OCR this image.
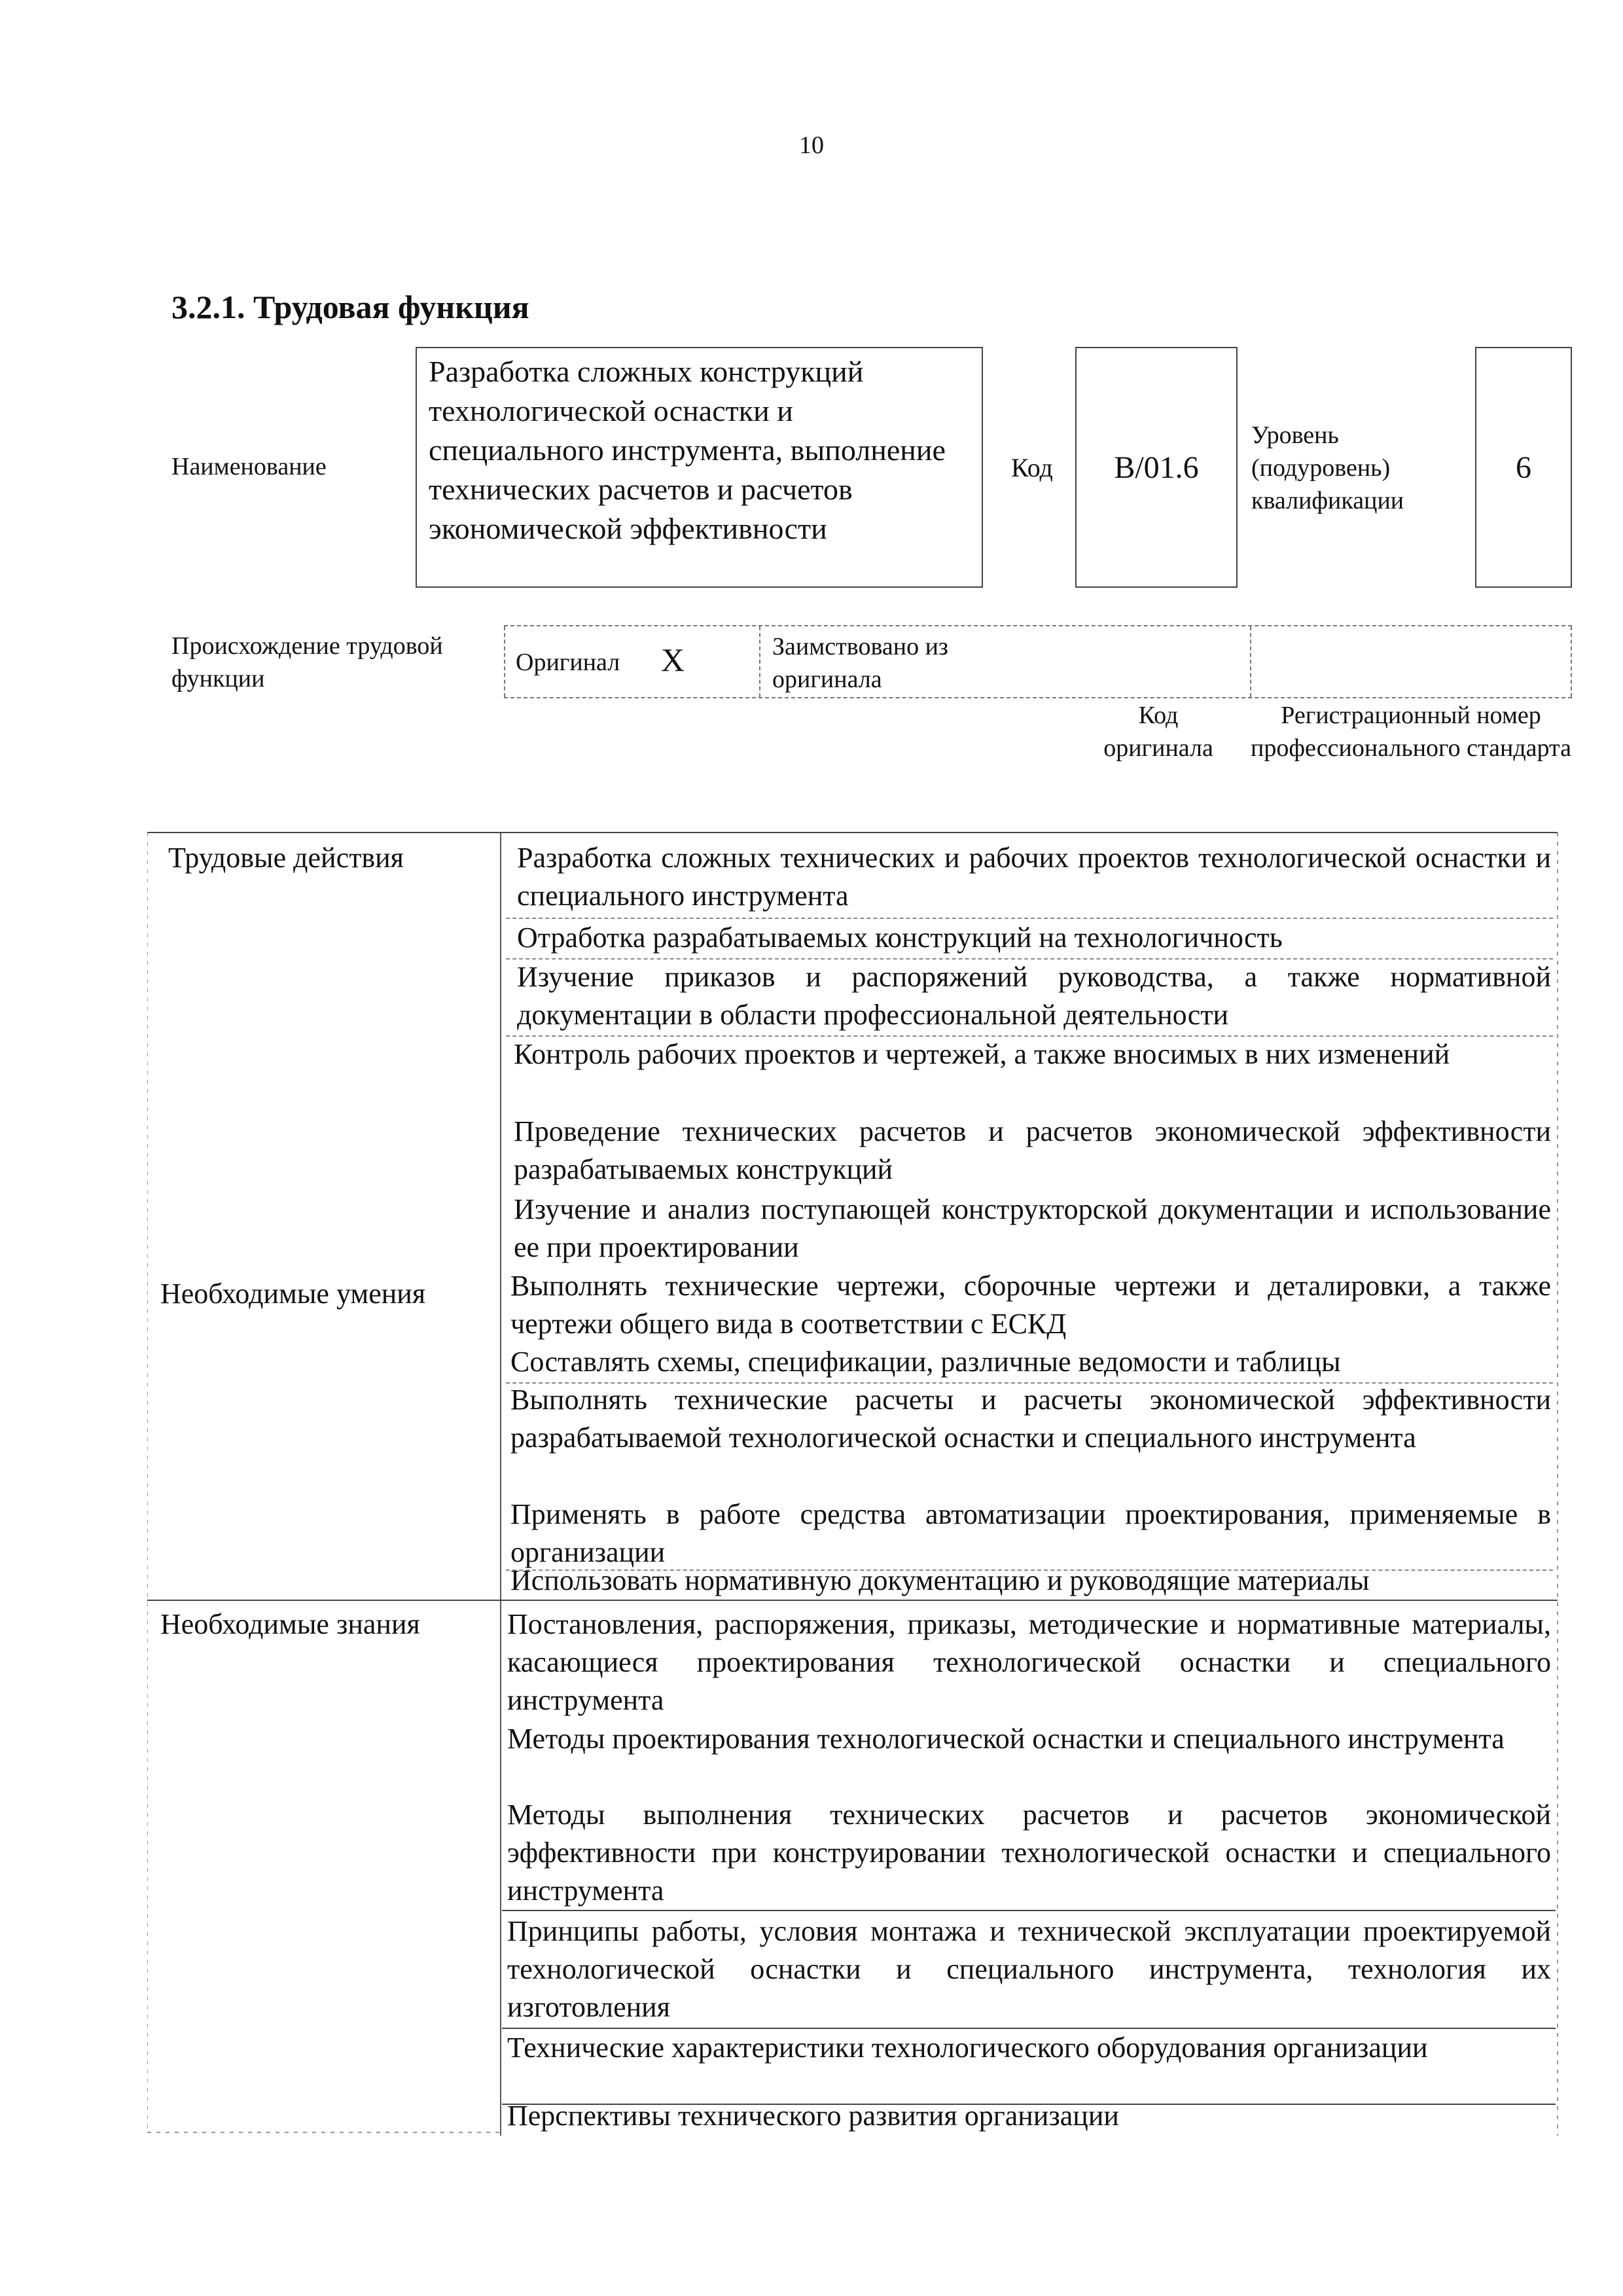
10
3.2.1. Трудовая функция
Наименование
Разработка сложных конструкций технологической оснастки и специального инструмента, выполнение технических расчетов и расчетов экономической эффективности
Код B/01.6
Уровень (подуровень) квалификации
6
Происхождение трудовой функции
Оригинал X	Заимствовано из оригинала
Код оригинала
Регистрационный номер профессионального стандарта
Трудовые действия
Необходимые умения
Необходимые знания
Разработка сложных технических и рабочих проектов технологической оснастки и специального инструмента
Отработка разрабатываемых конструкций на технологичность
Изучение приказов и распоряжений руководства, а также нормативной документации в области профессиональной деятельности
Контроль рабочих проектов и чертежей, а также вносимых в них изменений
Проведение технических расчетов и расчетов экономической эффективности разрабатываемых конструкций
Изучение и анализ поступающей конструкторской документации и использование ее при проектировании
Выполнять технические чертежи, сборочные чертежи и деталировки, а также чертежи общего вида в соответствии с ЕСКД
Составлять схемы, спецификации, различные ведомости и таблицы
Выполнять технические расчеты и расчеты экономической эффективности разрабатываемой технологической оснастки и специального инструмента
Применять в работе средства автоматизации проектирования, применяемые в организации
Использовать нормативную документацию и руководящие материалы
Постановления, распоряжения, приказы, методические и нормативные материалы, касающиеся проектирования технологической оснастки и специального инструмента
Методы проектирования технологической оснастки и специального инструмента
Методы выполнения технических расчетов и расчетов экономической эффективности при конструировании технологической оснастки и специального инструмента
Принципы работы, условия монтажа и технической эксплуатации проектируемой технологической оснастки и специального инструмента, технология их изготовления
Технические характеристики технологического оборудования организации
Перспективы технического развития организации
